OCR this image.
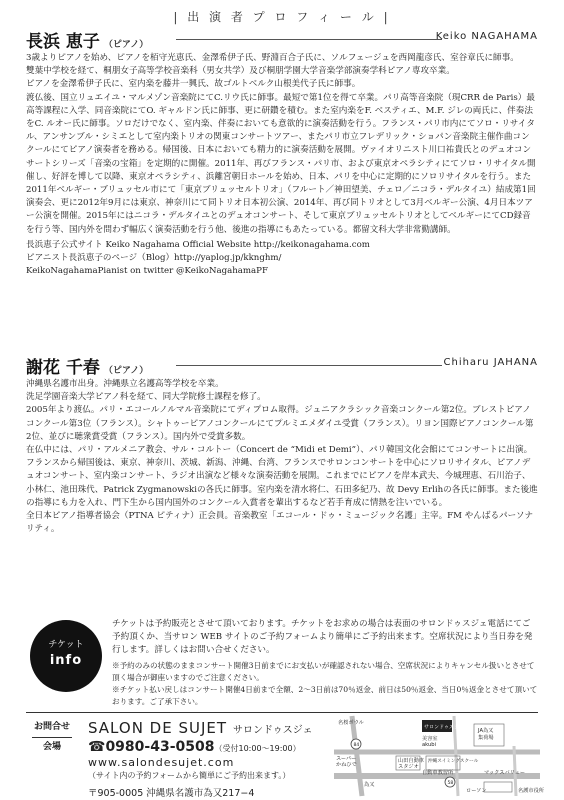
| 出 演 者 プ ロ フ ィ ー ル |
長浜 恵子 （ピアノ）
Keiko NAGAHAMA

3歳よりピアノを始め、ピアノを栢守光恵氏、金澤希伊子氏、野淵百合子氏に、ソルフェージュを西岡龍彦氏、室谷章氏に師事。

雙葉中学校を経て、桐朋女子高等学校音楽科（男女共学）及び桐朋学園大学音楽学部演奏学科ピアノ専攻卒業。

ピアノを金澤希伊子氏に、室内楽を藤井一興氏、故ゴルトベルク山根美代子氏に師事。

渡仏後、国立リュエイユ・マルメゾン音楽院にてC.リウ氏に師事。最短で第1位を得て卒業。パリ高等音楽院（現CRR de Paris）最高等課程に入学、同音楽院にてO. ギャルドン氏に師事、更に研鑽を積む。また室内楽をF. ベスティエ、M.F. ジレの両氏に、伴奏法をC. ルオー氏に師事。ソロだけでなく、室内楽、伴奏においても意欲的に演奏活動を行う。フランス・パリ市内にてソロ・リサイタル、アンサンブル・シミエとして室内楽トリオの関東コンサートツアー、またパリ市立フレデリック・ショパン音楽院主催作曲コンクールにてピアノ演奏者を務める。帰国後、日本においても精力的に演奏活動を展開。ヴァイオリニスト川口祐貴氏とのデュオコンサートシリーズ「音楽の宝箱」を定期的に開催。2011年、再びフランス・パリ市、および東京オペラシティにてソロ・リサイタル開催し、好評を博して以降、東京オペラシティ、浜離宮朝日ホールを始め、日本、パリを中心に定期的にソロリサイタルを行う。また2011年ベルギー・ブリュッセル市にて「東京ブリュッセルトリオ」（フルート／神田望美、チェロ／ニコラ・デルタイユ）結成第1回演奏会、更に2012年9月には東京、神奈川にて同トリオ日本初公演、2014年、再び同トリオとして3月ベルギー公演、4月日本ツアー公演を開催。2015年にはニコラ・デルタイユとのデュオコンサート、そして東京ブリュッセルトリオとしてベルギーにてCD録音を行う等、国内外を問わず幅広く演奏活動を行う他、後進の指導にもあたっている。都留文科大学非常勤講師。

長浜恵子公式サイト Keiko Nagahama Official Website http://keikonagahama.com

ピアニスト長浜恵子のページ（Blog）http://yaplog.jp/kknghm/

KeikoNagahamaPianist on twitter @KeikoNagahamaPF

謝花 千春 （ピアノ）
Chiharu JAHANA

沖縄県名護市出身。沖縄県立名護高等学校を卒業。

洗足学園音楽大学ピアノ科を経て、同大学院修士課程を修了。

2005年より渡仏。パリ・エコールノルマル音楽院にてディプロム取得。ジュニアクラシック音楽コンクール第2位。ブレストピアノコンクール第3位（フランス）。シャトゥーピアノコンクールにてプルミエメダイユ受賞（フランス）。リヨン国際ピアノコンクール第2位、並びに聴衆賞受賞（フランス）。国内外で受賞多数。

在仏中には、パリ・アルメニア教会、サル・コルトー（Concert de “Midi et Demi”）、パリ韓国文化会館にてコンサートに出演。フランスから帰国後は、東京、神奈川、茨城、新潟、沖縄、台湾、フランスでサロンコンサートを中心にソロリサイタル、ピアノデュオコンサート、室内楽コンサート、ラジオ出演など様々な演奏活動を展開。これまでにピアノを岸本武夫、今城理恵、石川治子、小林仁、池田珠代、Patrick Zygmanowskiの各氏に師事。室内楽を清水将仁、石田多紀乃、故 Devy Erlihの各氏に師事。また後進の指導にも力を入れ、門下生から国内国外のコンクール入賞者を輩出するなど若手育成に情熱を注いでいる。

全日本ピアノ指導者協会（PTNA ピティナ）正会員。音楽教室「エコール・ドゥ・ミュージック名護」主宰。FM やんばるパーソナリティ。

チケット
info

チケットは予約販売とさせて頂いております。チケットをお求めの場合は表面のサロンドゥスジェ電話にてご予約頂くか、当サロン WEB サイトのご予約フォームより簡単にご予約出来ます。空席状況により当日券を発行します。詳しくはお問い合せください。

※予約のみの状態のままコンサート開催3日前までにお支払いが確認されない場合、空席状況によりキャンセル扱いとさせて頂く場合が御座いますのでご注意ください。

※チケット払い戻しはコンサート開催4日前まで全額、2〜3日前は70％返金、前日は50％返金、当日0％返金とさせて頂いております。ご了承下さい。

お問合せ
会場
SALON DE SUJET サロンドゥスジェ
☎0980-43-0508（受付10:00〜19:00）
www.salondesujet.com
（サイト内の予約フォームから簡単にご予約出来ます。）
〒905-0005 沖縄県名護市為又217−4
名桜ボウル
サロンドゥスジェ
JA為又
集荷場
美容室
akubi
スーパー
かねひで
山田自動車
スタジオ
沖縄スイミングスクール
自動車教習所	マックスバリュー
ローソン
84
58
為又
名護市役所
